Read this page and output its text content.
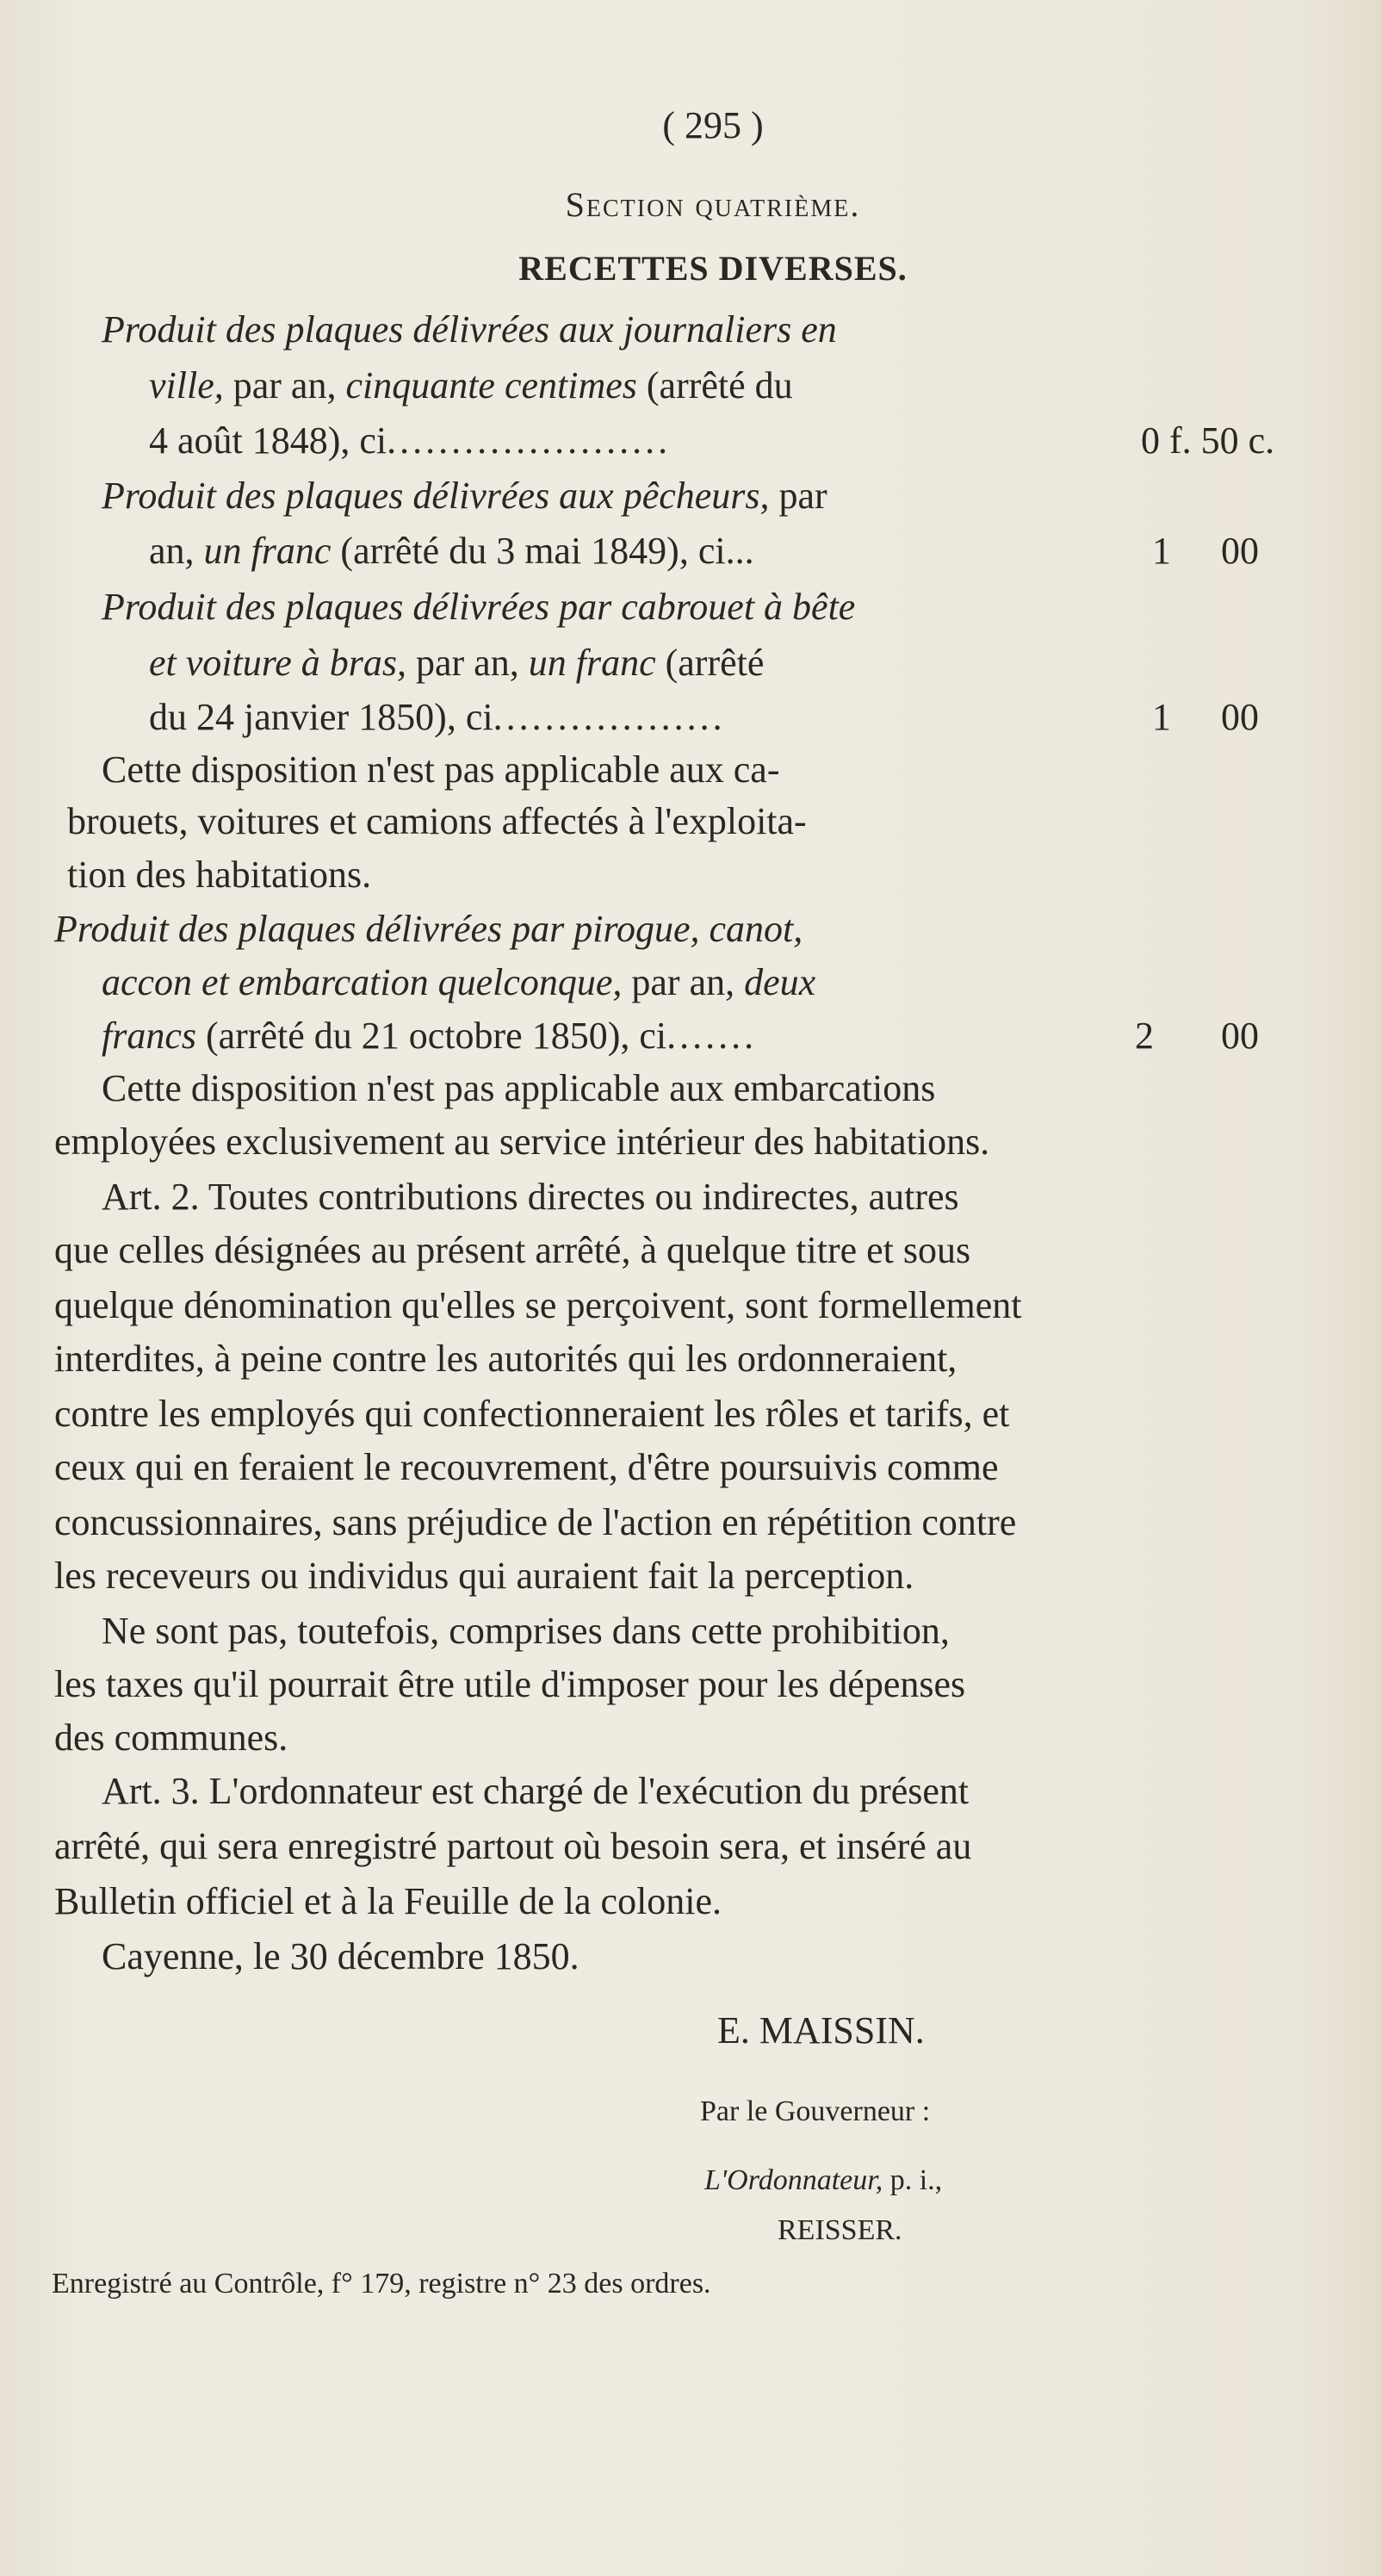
( 295 )
Section quatrième.
RECETTES DIVERSES.
Produit des plaques délivrées aux journaliers en
ville, par an, cinquante centimes (arrêté du
4 août 1848), ci......................	0 f. 50 c.
Produit des plaques délivrées aux pêcheurs, par
an, un franc (arrêté du 3 mai 1849), ci...	1 00
Produit des plaques délivrées par cabrouet à bête
et voiture à bras, par an, un franc (arrêté
du 24 janvier 1850), ci..................	1 00
Cette disposition n'est pas applicable aux ca-
brouets, voitures et camions affectés à l'exploita-
tion des habitations.
Produit des plaques délivrées par pirogue, canot,
accon et embarcation quelconque, par an, deux
francs (arrêté du 21 octobre 1850), ci.......	2 00
Cette disposition n'est pas applicable aux embarcations
employées exclusivement au service intérieur des habitations.
Art. 2. Toutes contributions directes ou indirectes, autres
que celles désignées au présent arrêté, à quelque titre et sous
quelque dénomination qu'elles se perçoivent, sont formellement
interdites, à peine contre les autorités qui les ordonneraient,
contre les employés qui confectionneraient les rôles et tarifs, et
ceux qui en feraient le recouvrement, d'être poursuivis comme
concussionnaires, sans préjudice de l'action en répétition contre
les receveurs ou individus qui auraient fait la perception.
Ne sont pas, toutefois, comprises dans cette prohibition,
les taxes qu'il pourrait être utile d'imposer pour les dépenses
des communes.
Art. 3. L'ordonnateur est chargé de l'exécution du présent
arrêté, qui sera enregistré partout où besoin sera, et inséré au
Bulletin officiel et à la Feuille de la colonie.
Cayenne, le 30 décembre 1850.
E. MAISSIN.
Par le Gouverneur :
L'Ordonnateur, p. i.,
REISSER.
Enregistré au Contrôle, f° 179, registre n° 23 des ordres.
